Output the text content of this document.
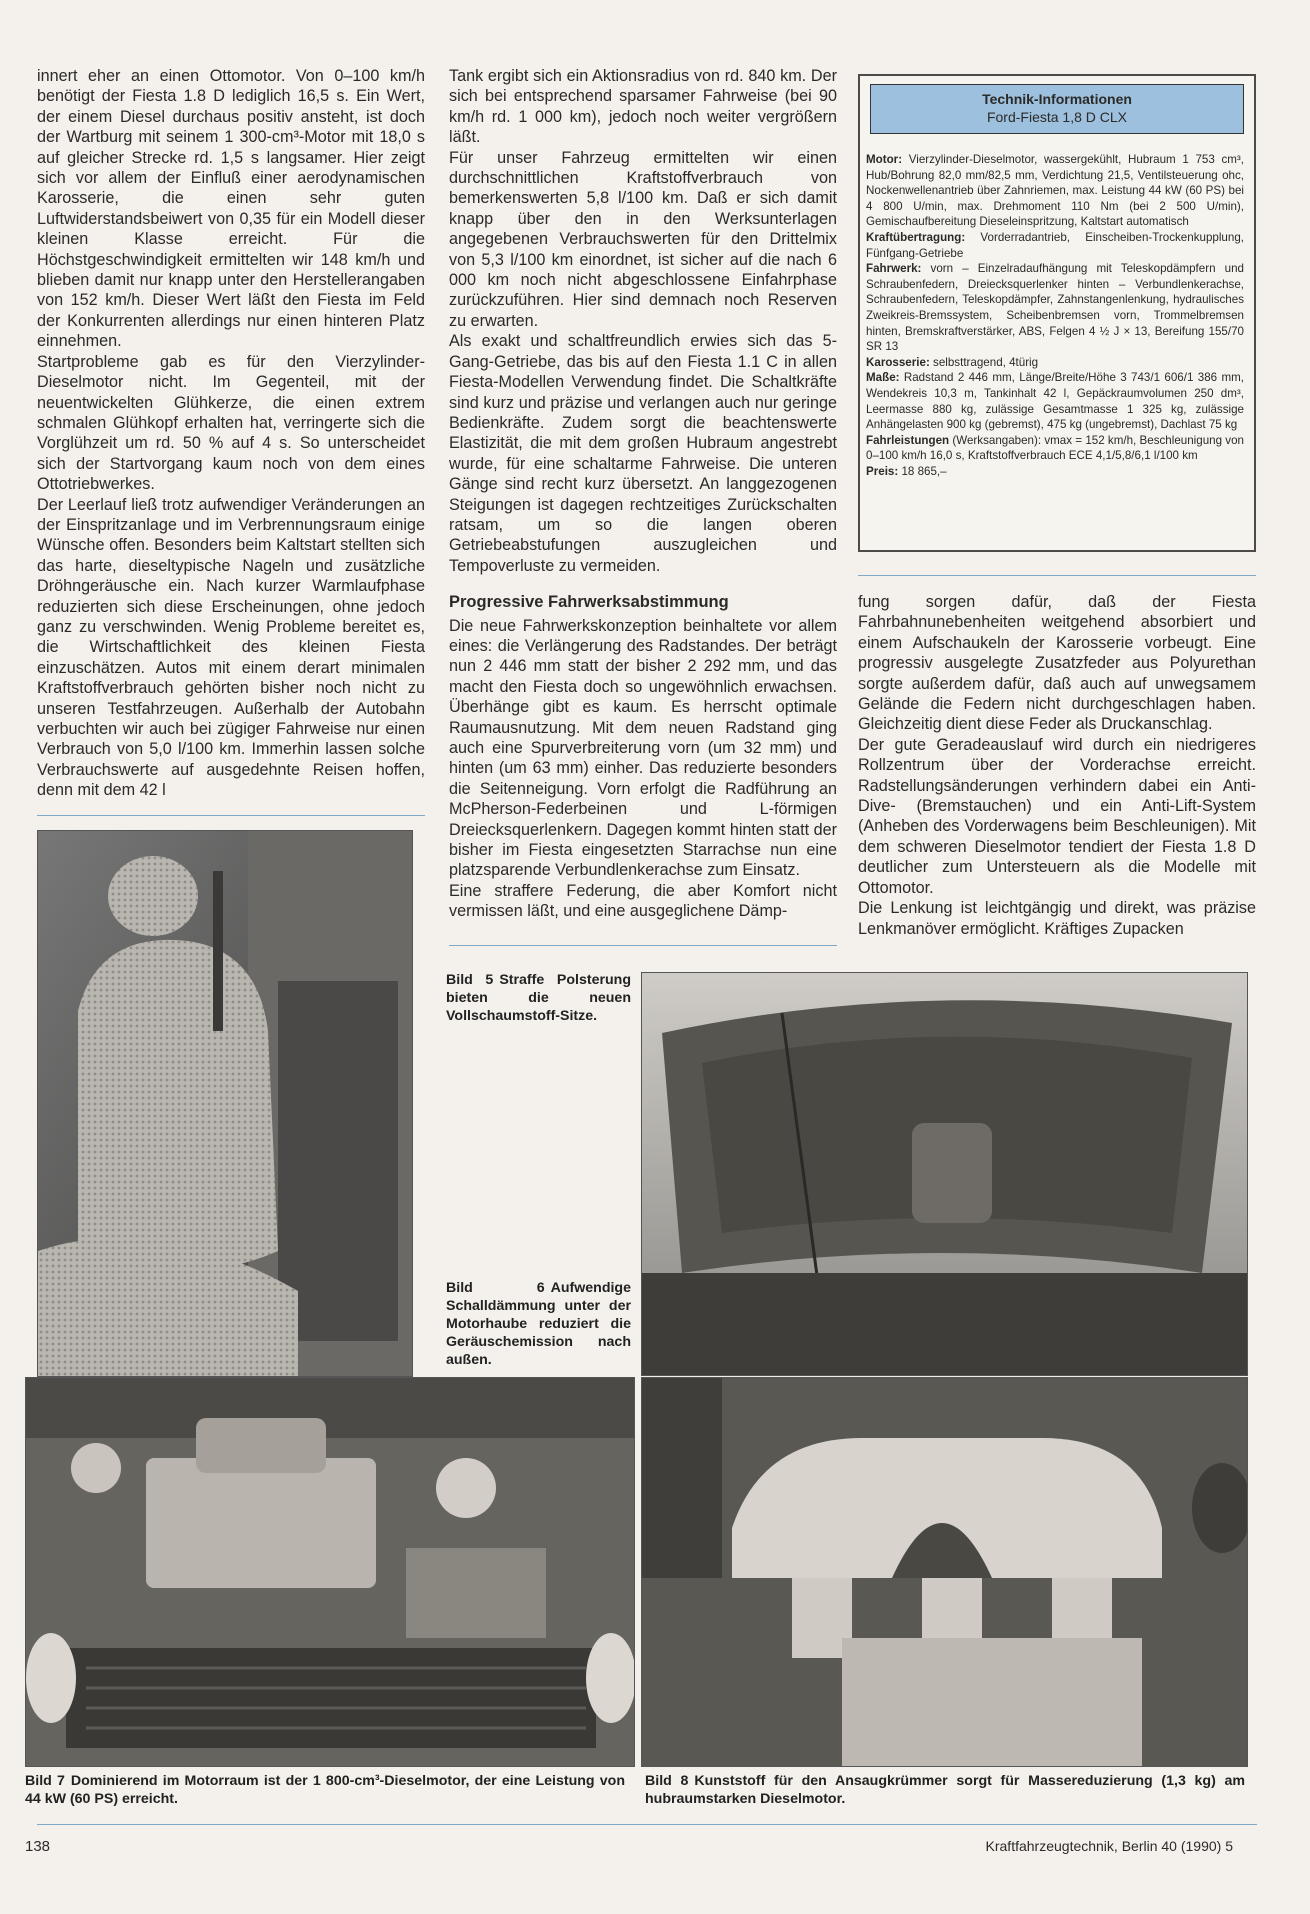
innert eher an einen Ottomotor. Von 0–100 km/h benötigt der Fiesta 1.8 D lediglich 16,5 s. Ein Wert, der einem Diesel durchaus positiv ansteht, ist doch der Wartburg mit seinem 1 300-cm³-Motor mit 18,0 s auf gleicher Strecke rd. 1,5 s langsamer. Hier zeigt sich vor allem der Einfluß einer aerodynamischen Karosserie, die einen sehr guten Luftwiderstandsbeiwert von 0,35 für ein Modell dieser kleinen Klasse erreicht. Für die Höchstgeschwindigkeit ermittelten wir 148 km/h und blieben damit nur knapp unter den Herstellerangaben von 152 km/h. Dieser Wert läßt den Fiesta im Feld der Konkurrenten allerdings nur einen hinteren Platz einnehmen.

Startprobleme gab es für den Vierzylinder-Dieselmotor nicht. Im Gegenteil, mit der neuentwickelten Glühkerze, die einen extrem schmalen Glühkopf erhalten hat, verringerte sich die Vorglühzeit um rd. 50 % auf 4 s. So unterscheidet sich der Startvorgang kaum noch von dem eines Ottotriebwerkes.

Der Leerlauf ließ trotz aufwendiger Veränderungen an der Einspritzanlage und im Verbrennungsraum einige Wünsche offen. Besonders beim Kaltstart stellten sich das harte, dieseltypische Nageln und zusätzliche Dröhngeräusche ein. Nach kurzer Warmlaufphase reduzierten sich diese Erscheinungen, ohne jedoch ganz zu verschwinden. Wenig Probleme bereitet es, die Wirtschaftlichkeit des kleinen Fiesta einzuschätzen. Autos mit einem derart minimalen Kraftstoffverbrauch gehörten bisher noch nicht zu unseren Testfahrzeugen. Außerhalb der Autobahn verbuchten wir auch bei zügiger Fahrweise nur einen Verbrauch von 5,0 l/100 km. Immerhin lassen solche Verbrauchswerte auf ausgedehnte Reisen hoffen, denn mit dem 42 l

Tank ergibt sich ein Aktionsradius von rd. 840 km. Der sich bei entsprechend sparsamer Fahrweise (bei 90 km/h rd. 1 000 km), jedoch noch weiter vergrößern läßt.

Für unser Fahrzeug ermittelten wir einen durchschnittlichen Kraftstoffverbrauch von bemerkenswerten 5,8 l/100 km. Daß er sich damit knapp über den in den Werksunterlagen angegebenen Verbrauchswerten für den Drittelmix von 5,3 l/100 km einordnet, ist sicher auf die nach 6 000 km noch nicht abgeschlossene Einfahrphase zurückzuführen. Hier sind demnach noch Reserven zu erwarten.

Als exakt und schaltfreundlich erwies sich das 5-Gang-Getriebe, das bis auf den Fiesta 1.1 C in allen Fiesta-Modellen Verwendung findet. Die Schaltkräfte sind kurz und präzise und verlangen auch nur geringe Bedienkräfte. Zudem sorgt die beachtenswerte Elastizität, die mit dem großen Hubraum angestrebt wurde, für eine schaltarme Fahrweise. Die unteren Gänge sind recht kurz übersetzt. An langgezogenen Steigungen ist dagegen rechtzeitiges Zurückschalten ratsam, um so die langen oberen Getriebeabstufungen auszugleichen und Tempoverluste zu vermeiden.

Progressive Fahrwerksabstimmung

Die neue Fahrwerkskonzeption beinhaltete vor allem eines: die Verlängerung des Radstandes. Der beträgt nun 2 446 mm statt der bisher 2 292 mm, und das macht den Fiesta doch so ungewöhnlich erwachsen. Überhänge gibt es kaum. Es herrscht optimale Raumausnutzung. Mit dem neuen Radstand ging auch eine Spurverbreiterung vorn (um 32 mm) und hinten (um 63 mm) einher. Das reduzierte besonders die Seitenneigung. Vorn erfolgt die Radführung an McPherson-Federbeinen und L-förmigen Dreiecksquerlenkern. Dagegen kommt hinten statt der bisher im Fiesta eingesetzten Starrachse nun eine platzsparende Verbundlenkerachse zum Einsatz.

Eine straffere Federung, die aber Komfort nicht vermissen läßt, und eine ausgeglichene Dämp-

fung sorgen dafür, daß der Fiesta Fahrbahnunebenheiten weitgehend absorbiert und einem Aufschaukeln der Karosserie vorbeugt. Eine progressiv ausgelegte Zusatzfeder aus Polyurethan sorgte außerdem dafür, daß auch auf unwegsamem Gelände die Federn nicht durchgeschlagen haben. Gleichzeitig dient diese Feder als Druckanschlag.

Der gute Geradeauslauf wird durch ein niedrigeres Rollzentrum über der Vorderachse erreicht. Radstellungsänderungen verhindern dabei ein Anti-Dive- (Bremstauchen) und ein Anti-Lift-System (Anheben des Vorderwagens beim Beschleunigen). Mit dem schweren Dieselmotor tendiert der Fiesta 1.8 D deutlicher zum Untersteuern als die Modelle mit Ottomotor.

Die Lenkung ist leichtgängig und direkt, was präzise Lenkmanöver ermöglicht. Kräftiges Zupacken

Technik-Informationen
Ford-Fiesta 1,8 D CLX

Motor: Vierzylinder-Dieselmotor, wassergekühlt, Hubraum 1 753 cm³, Hub/Bohrung 82,0 mm/82,5 mm, Verdichtung 21,5, Ventilsteuerung ohc, Nockenwellenantrieb über Zahnriemen, max. Leistung 44 kW (60 PS) bei 4 800 U/min, max. Drehmoment 110 Nm (bei 2 500 U/min), Gemischaufbereitung Dieseleinspritzung, Kaltstart automatisch

Kraftübertragung: Vorderradantrieb, Einscheiben-Trockenkupplung, Fünfgang-Getriebe

Fahrwerk: vorn – Einzelradaufhängung mit Teleskopdämpfern und Schraubenfedern, Dreiecksquerlenker hinten – Verbundlenkerachse, Schraubenfedern, Teleskopdämpfer, Zahnstangenlenkung, hydraulisches Zweikreis-Bremssystem, Scheibenbremsen vorn, Trommelbremsen hinten, Bremskraftverstärker, ABS, Felgen 4 ½ J × 13, Bereifung 155/70 SR 13

Karosserie: selbsttragend, 4türig

Maße: Radstand 2 446 mm, Länge/Breite/Höhe 3 743/1 606/1 386 mm, Wendekreis 10,3 m, Tankinhalt 42 l, Gepäckraumvolumen 250 dm³, Leermasse 880 kg, zulässige Gesamtmasse 1 325 kg, zulässige Anhängelasten 900 kg (gebremst), 475 kg (ungebremst), Dachlast 75 kg

Fahrleistungen (Werksangaben): vmax = 152 km/h, Beschleunigung von 0–100 km/h 16,0 s, Kraftstoffverbrauch ECE 4,1/5,8/6,1 l/100 km

Preis: 18 865,–

Bild 5 Straffe Polsterung bieten die neuen Vollschaumstoff-Sitze.
Bild 6 Aufwendige Schalldämmung unter der Motorhaube reduziert die Geräuschemission nach außen.
Bild 7 Dominierend im Motorraum ist der 1 800-cm³-Dieselmotor, der eine Leistung von 44 kW (60 PS) erreicht.
Bild 8 Kunststoff für den Ansaugkrümmer sorgt für Massereduzierung (1,3 kg) am hubraumstarken Dieselmotor.
138	Kraftfahrzeugtechnik, Berlin 40 (1990) 5
